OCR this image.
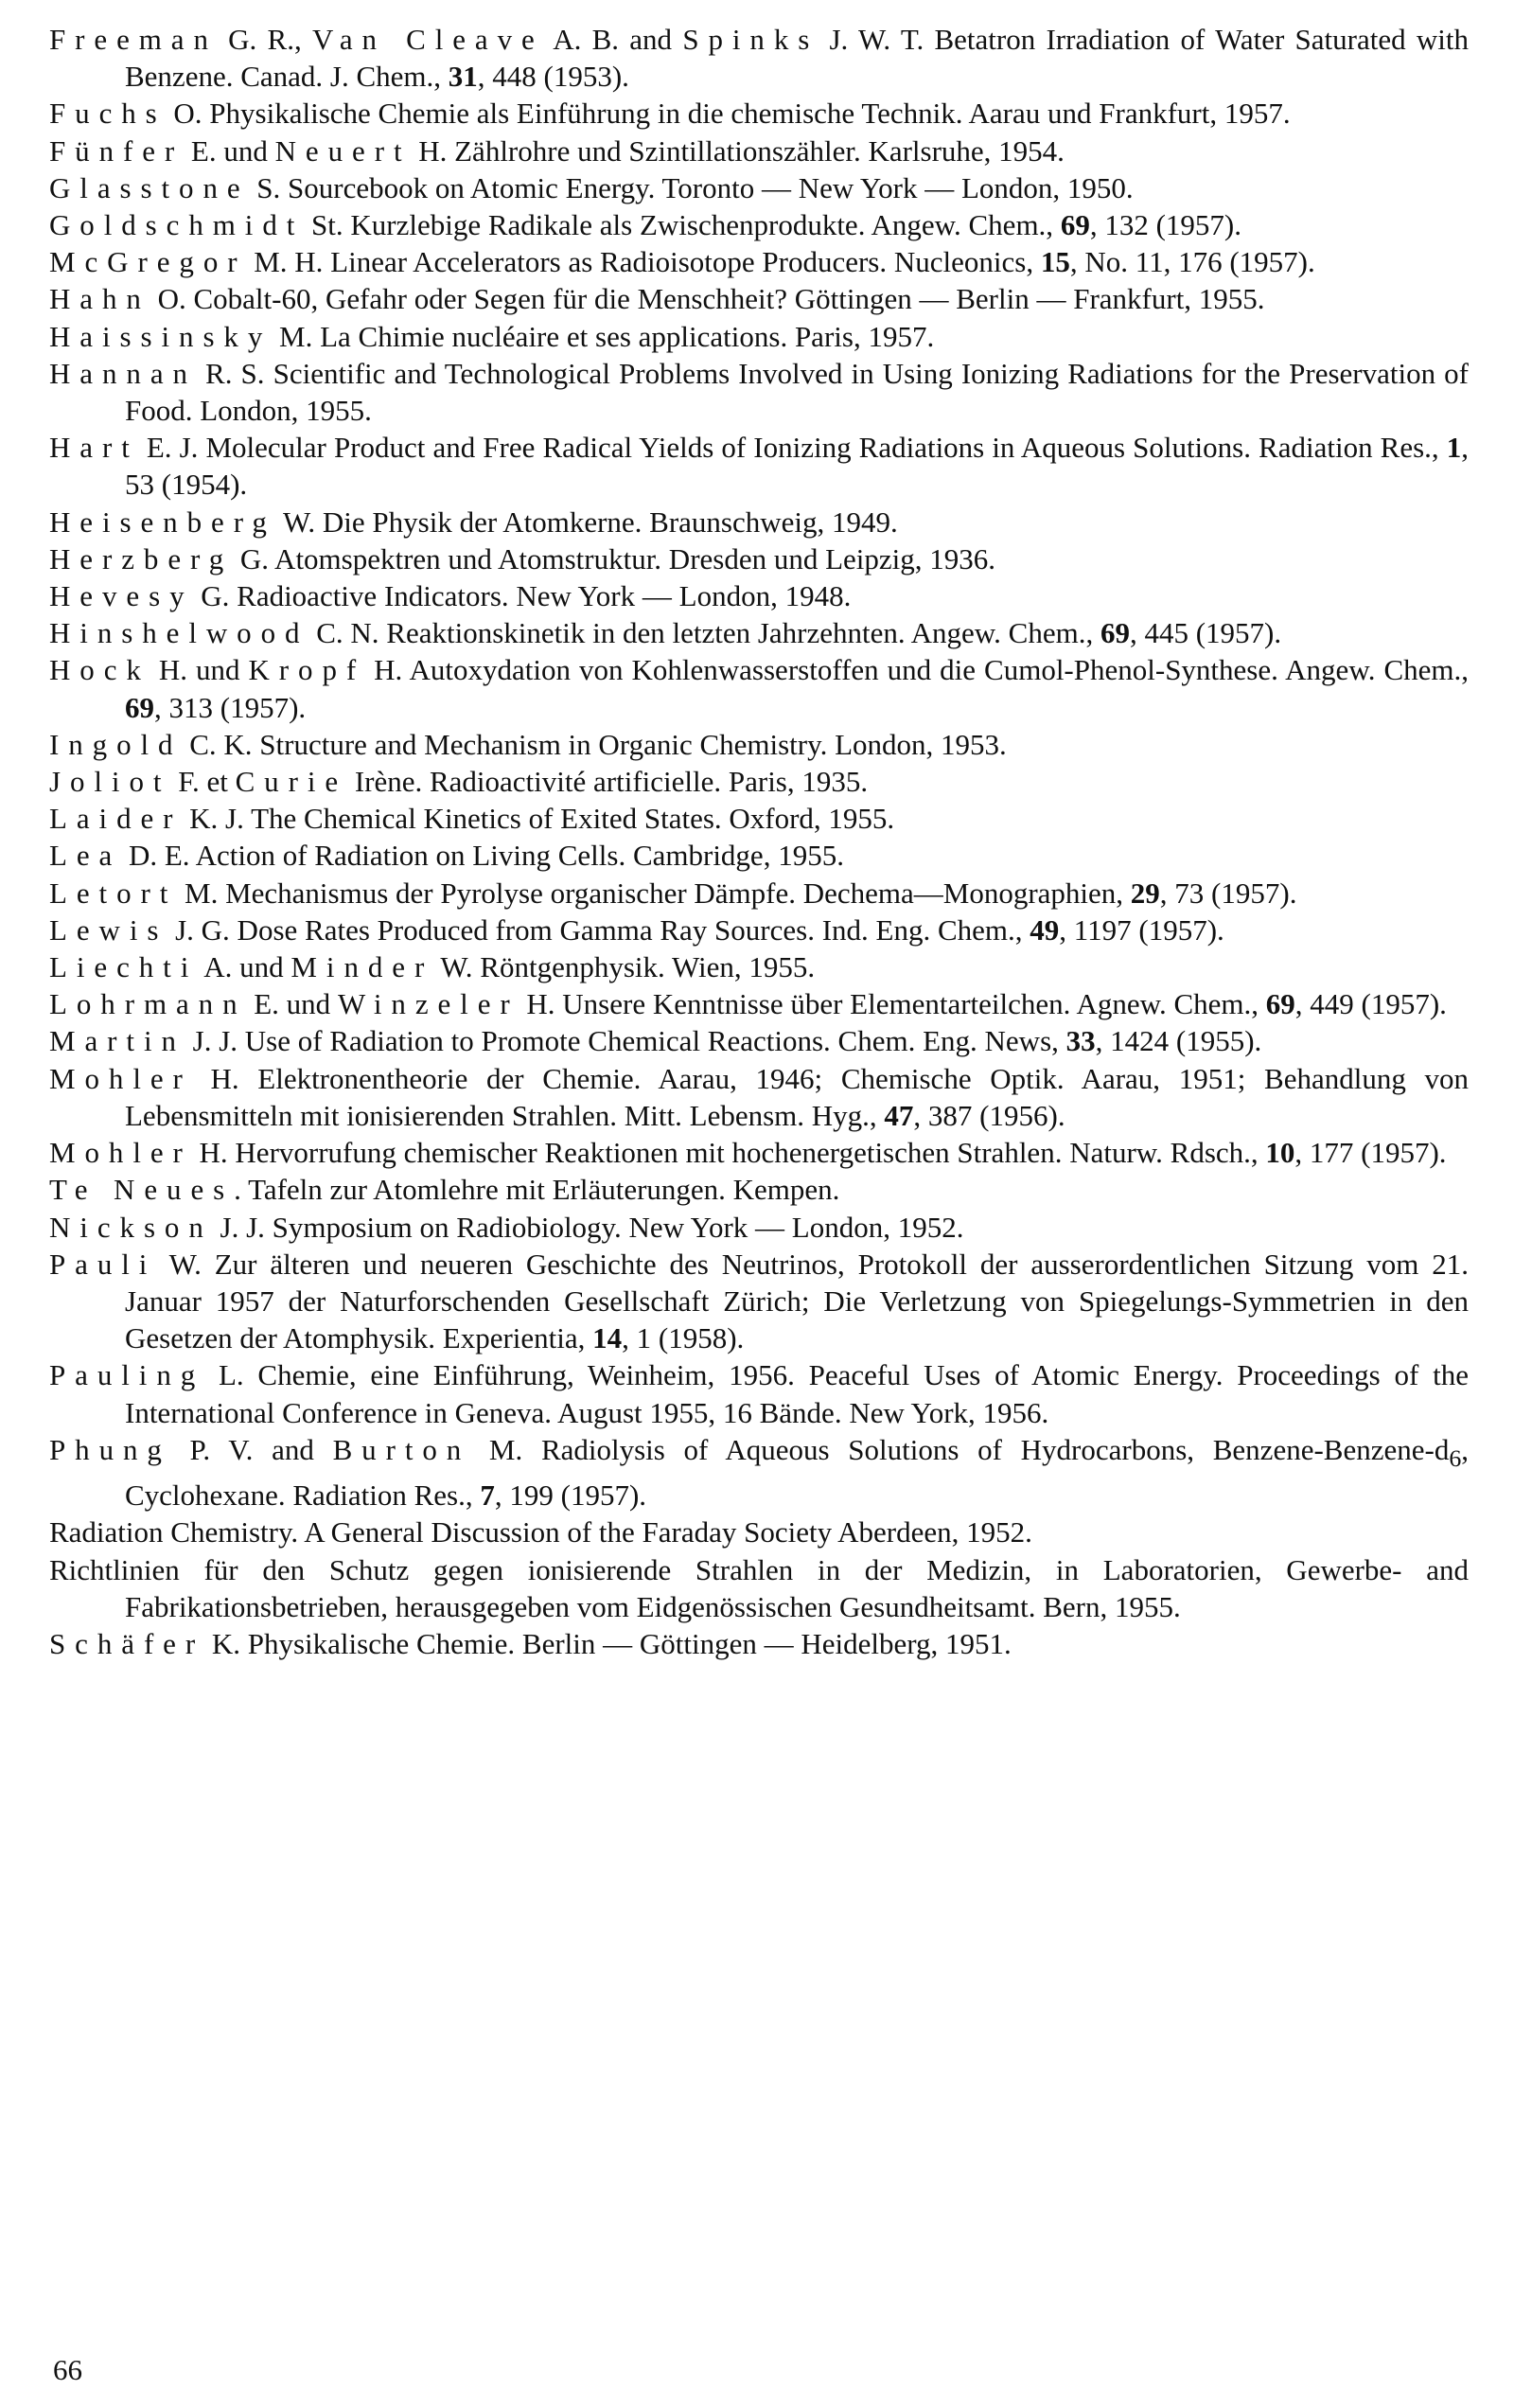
Freeman G. R., Van Cleave A. B. and Spinks J. W. T. Betatron Irradiation of Water Saturated with Benzene. Canad. J. Chem., 31, 448 (1953).

Fuchs O. Physikalische Chemie als Einführung in die chemische Technik. Aarau und Frankfurt, 1957.

Fünfer E. und Neuert H. Zählrohre und Szintillationszähler. Karlsruhe, 1954.

Glasstone S. Sourcebook on Atomic Energy. Toronto — New York — London, 1950.

Goldschmidt St. Kurzlebige Radikale als Zwischenprodukte. Angew. Chem., 69, 132 (1957).

McGregor M. H. Linear Accelerators as Radioisotope Producers. Nucleonics, 15, No. 11, 176 (1957).

Hahn O. Cobalt-60, Gefahr oder Segen für die Menschheit? Göttingen — Berlin — Frankfurt, 1955.

Haissinsky M. La Chimie nucléaire et ses applications. Paris, 1957.

Hannan R. S. Scientific and Technological Problems Involved in Using Ionizing Radiations for the Preservation of Food. London, 1955.

Hart E. J. Molecular Product and Free Radical Yields of Ionizing Radiations in Aqueous Solutions. Radiation Res., 1, 53 (1954).

Heisenberg W. Die Physik der Atomkerne. Braunschweig, 1949.

Herzberg G. Atomspektren und Atomstruktur. Dresden und Leipzig, 1936.

Hevesy G. Radioactive Indicators. New York — London, 1948.

Hinshelwood C. N. Reaktionskinetik in den letzten Jahrzehnten. Angew. Chem., 69, 445 (1957).

Hock H. und Kropf H. Autoxydation von Kohlenwasserstoffen und die Cumol-Phenol-Synthese. Angew. Chem., 69, 313 (1957).

Ingold C. K. Structure and Mechanism in Organic Chemistry. London, 1953.

Joliot F. et Curie Irène. Radioactivité artificielle. Paris, 1935.

Laider K. J. The Chemical Kinetics of Exited States. Oxford, 1955.

Lea D. E. Action of Radiation on Living Cells. Cambridge, 1955.

Letort M. Mechanismus der Pyrolyse organischer Dämpfe. Dechema—Monographien, 29, 73 (1957).

Lewis J. G. Dose Rates Produced from Gamma Ray Sources. Ind. Eng. Chem., 49, 1197 (1957).

Liechti A. und Minder W. Röntgenphysik. Wien, 1955.

Lohrmann E. und Winzeler H. Unsere Kenntnisse über Elementarteilchen. Agnew. Chem., 69, 449 (1957).

Martin J. J. Use of Radiation to Promote Chemical Reactions. Chem. Eng. News, 33, 1424 (1955).

Mohler H. Elektronentheorie der Chemie. Aarau, 1946; Chemische Optik. Aarau, 1951; Behandlung von Lebensmitteln mit ionisierenden Strahlen. Mitt. Lebensm. Hyg., 47, 387 (1956).

Mohler H. Hervorrufung chemischer Reaktionen mit hochenergetischen Strahlen. Naturw. Rdsch., 10, 177 (1957).

Te Neues. Tafeln zur Atomlehre mit Erläuterungen. Kempen.

Nickson J. J. Symposium on Radiobiology. New York — London, 1952.

Pauli W. Zur älteren und neueren Geschichte des Neutrinos, Protokoll der ausserordentlichen Sitzung vom 21. Januar 1957 der Naturforschenden Gesellschaft Zürich; Die Verletzung von Spiegelungs-Symmetrien in den Gesetzen der Atomphysik. Experientia, 14, 1 (1958).

Pauling L. Chemie, eine Einführung, Weinheim, 1956. Peaceful Uses of Atomic Energy. Proceedings of the International Conference in Geneva. August 1955, 16 Bände. New York, 1956.

Phung P. V. and Burton M. Radiolysis of Aqueous Solutions of Hydrocarbons, Benzene-$Benzene-d_6$, Cyclohexane. Radiation Res., 7, 199 (1957).

Radiation Chemistry. A General Discussion of the Faraday Society Aberdeen, 1952.

Richtlinien für den Schutz gegen ionisierende Strahlen in der Medizin, in Laboratorien, Gewerbe- and Fabrikationsbetrieben, herausgegeben vom Eidgenössischen Gesundheitsamt. Bern, 1955.

Schäfer K. Physikalische Chemie. Berlin — Göttingen — Heidelberg, 1951.

66
